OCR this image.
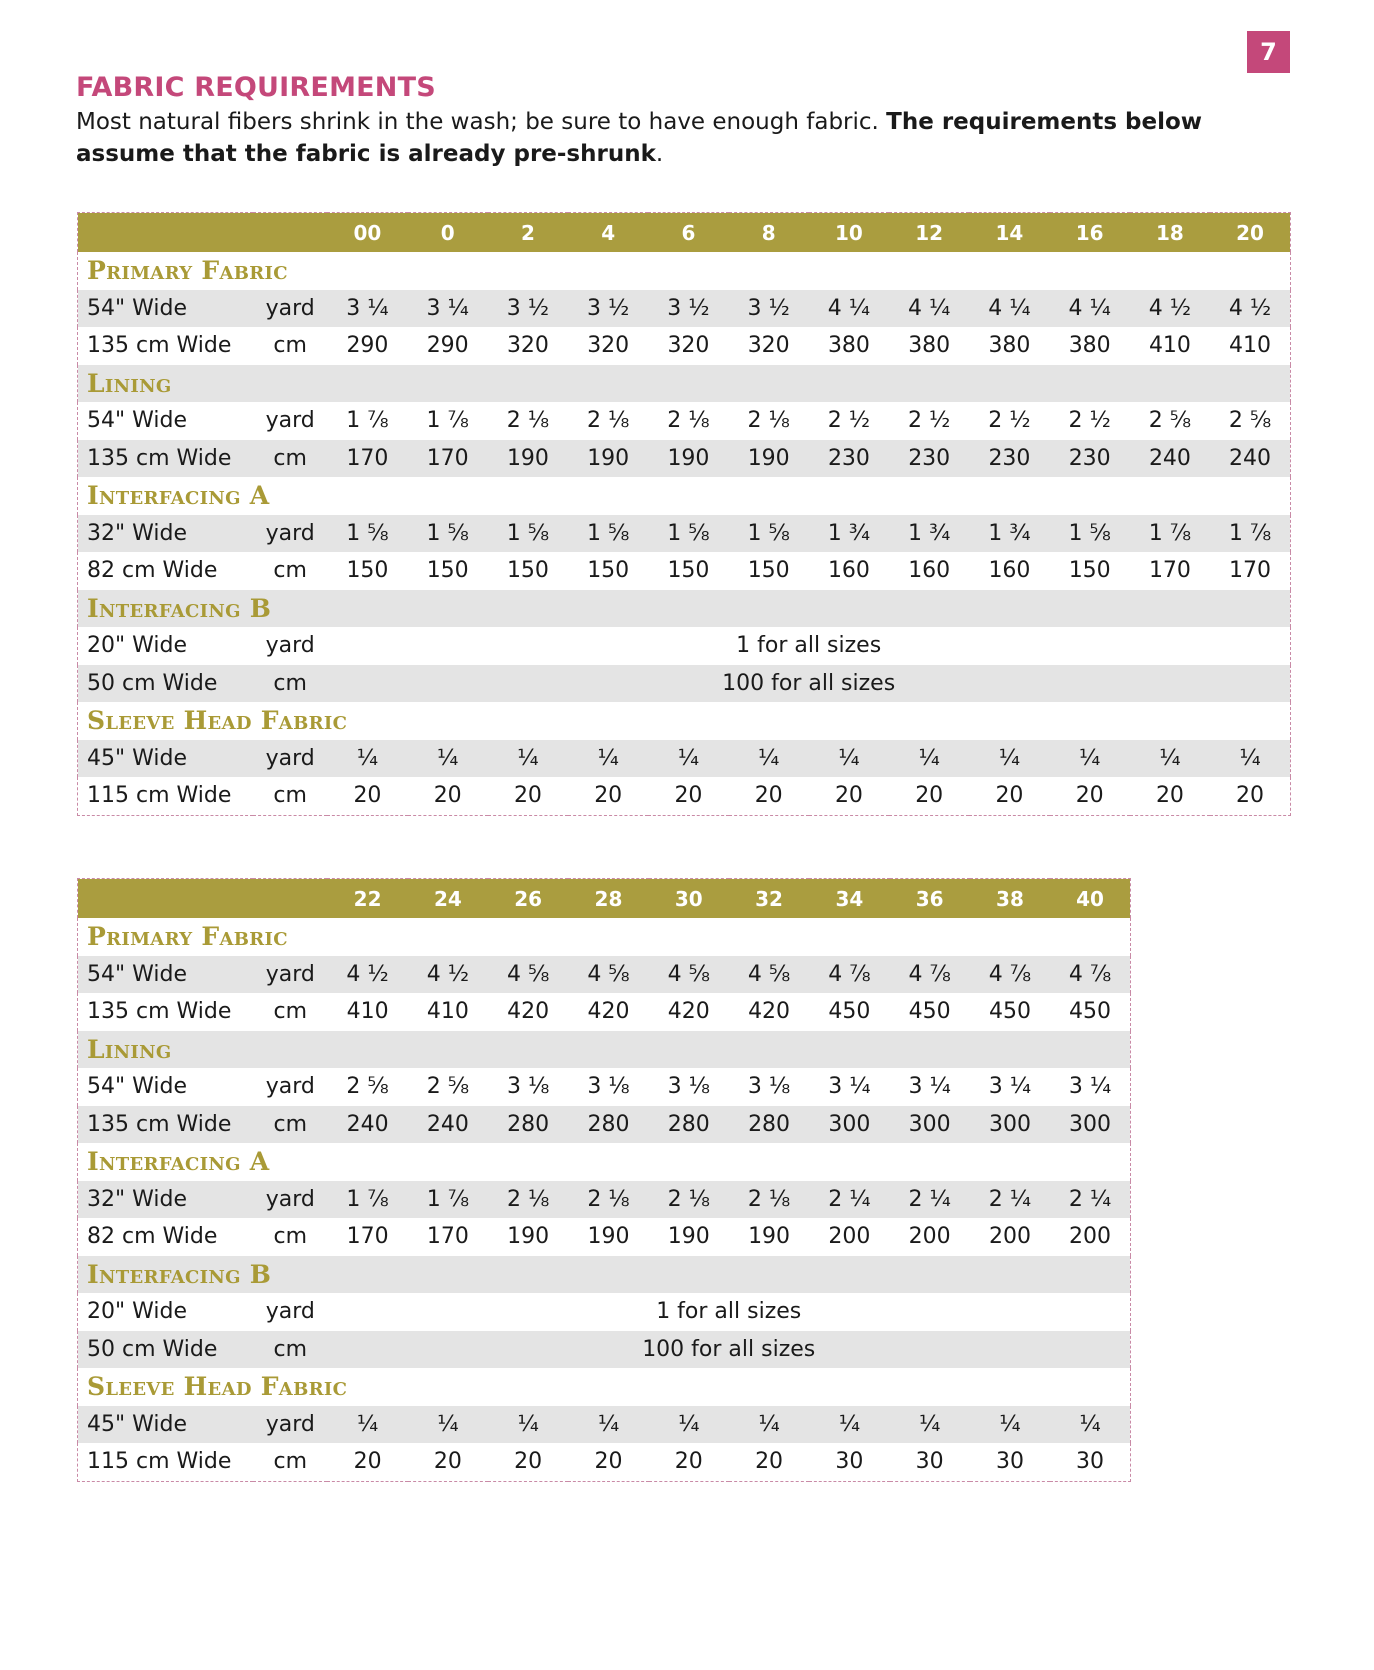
7
FABRIC REQUIREMENTS

Most natural fibers shrink in the wash; be sure to have enough fabric. The requirements below assume that the fabric is already pre-shrunk.

		00	0	2	4	6	8	10	12	14	16	18	20
Primary Fabric													
54" Wide	yard	3 ¼	3 ¼	3 ½	3 ½	3 ½	3 ½	4 ¼	4 ¼	4 ¼	4 ¼	4 ½	4 ½
135 cm Wide	cm	290	290	320	320	320	320	380	380	380	380	410	410
Lining													
54" Wide	yard	1 ⅞	1 ⅞	2 ⅛	2 ⅛	2 ⅛	2 ⅛	2 ½	2 ½	2 ½	2 ½	2 ⅝	2 ⅝
135 cm Wide	cm	170	170	190	190	190	190	230	230	230	230	240	240
Interfacing A													
32" Wide	yard	1 ⅝	1 ⅝	1 ⅝	1 ⅝	1 ⅝	1 ⅝	1 ¾	1 ¾	1 ¾	1 ⅝	1 ⅞	1 ⅞
82 cm Wide	cm	150	150	150	150	150	150	160	160	160	150	170	170
Interfacing B													
20" Wide	yard	1 for all sizes											
50 cm Wide	cm	100 for all sizes											
Sleeve Head Fabric													
45" Wide	yard	¼	¼	¼	¼	¼	¼	¼	¼	¼	¼	¼	¼
115 cm Wide	cm	20	20	20	20	20	20	20	20	20	20	20	20
		22	24	26	28	30	32	34	36	38	40
Primary Fabric											
54" Wide	yard	4 ½	4 ½	4 ⅝	4 ⅝	4 ⅝	4 ⅝	4 ⅞	4 ⅞	4 ⅞	4 ⅞
135 cm Wide	cm	410	410	420	420	420	420	450	450	450	450
Lining											
54" Wide	yard	2 ⅝	2 ⅝	3 ⅛	3 ⅛	3 ⅛	3 ⅛	3 ¼	3 ¼	3 ¼	3 ¼
135 cm Wide	cm	240	240	280	280	280	280	300	300	300	300
Interfacing A											
32" Wide	yard	1 ⅞	1 ⅞	2 ⅛	2 ⅛	2 ⅛	2 ⅛	2 ¼	2 ¼	2 ¼	2 ¼
82 cm Wide	cm	170	170	190	190	190	190	200	200	200	200
Interfacing B											
20" Wide	yard	1 for all sizes									
50 cm Wide	cm	100 for all sizes									
Sleeve Head Fabric											
45" Wide	yard	¼	¼	¼	¼	¼	¼	¼	¼	¼	¼
115 cm Wide	cm	20	20	20	20	20	20	30	30	30	30
